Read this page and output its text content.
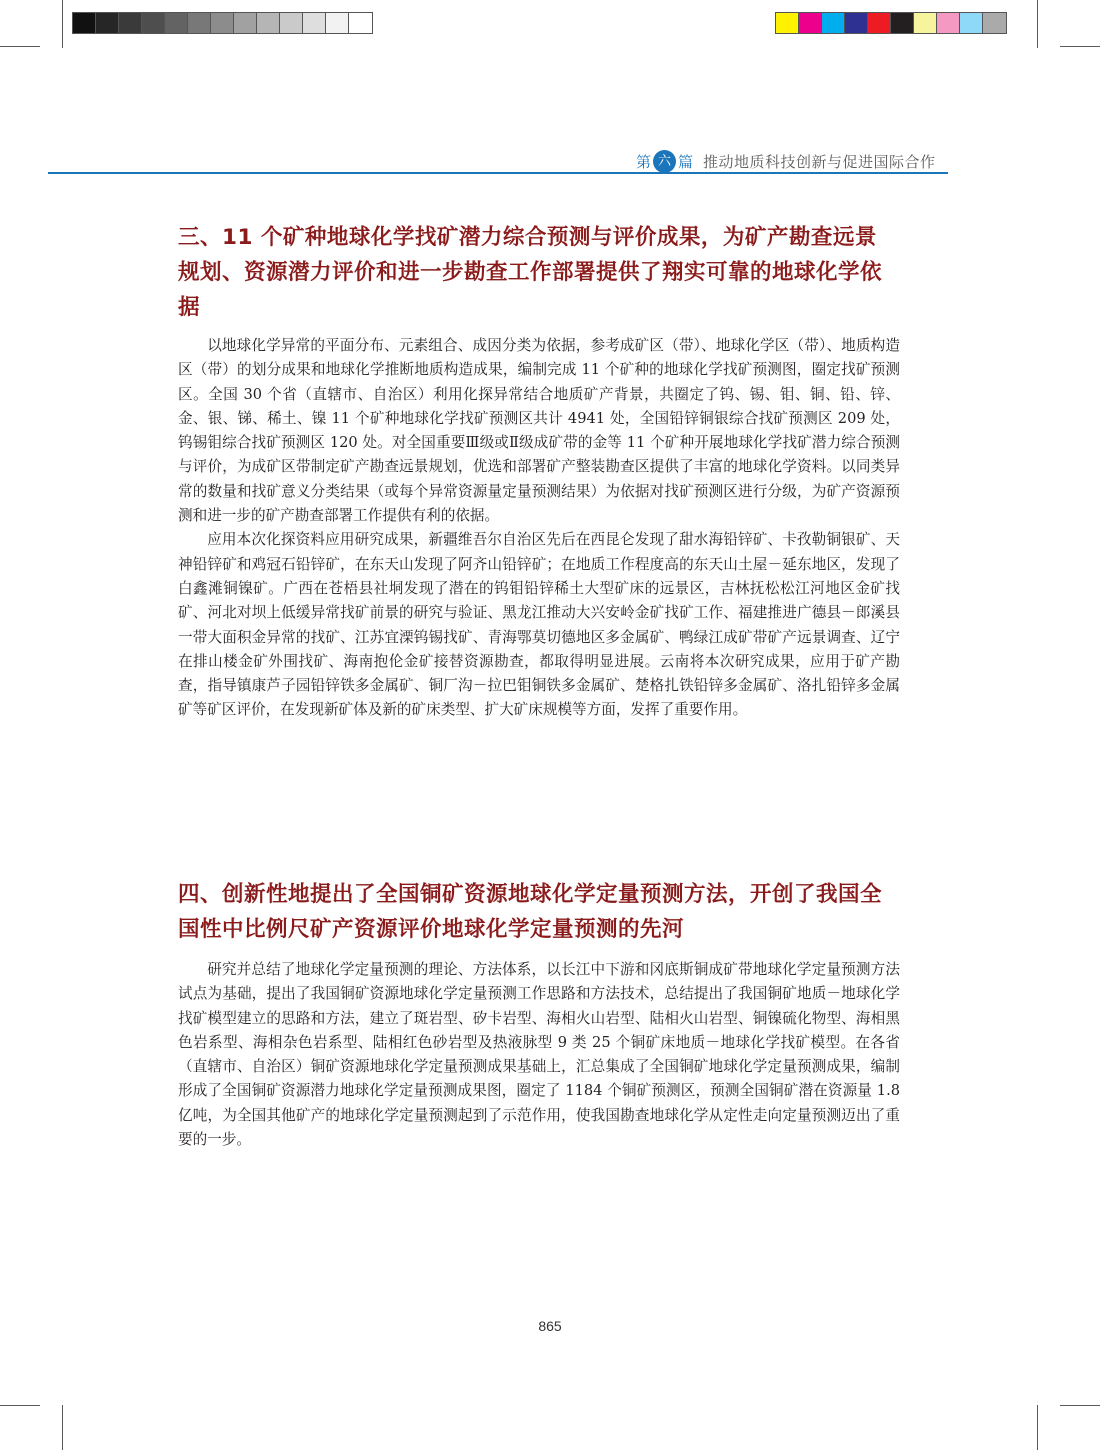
第 六 篇 推动地质科技创新与促进国际合作
三、11 个矿种地球化学找矿潜力综合预测与评价成果，为矿产勘查远景规划、资源潜力评价和进一步勘查工作部署提供了翔实可靠的地球化学依据

以地球化学异常的平面分布、元素组合、成因分类为依据，参考成矿区（带）、地球化学区（带）、地质构造区（带）的划分成果和地球化学推断地质构造成果，编制完成 11 个矿种的地球化学找矿预测图，圈定找矿预测区。全国 30 个省（直辖市、自治区）利用化探异常结合地质矿产背景，共圈定了钨、锡、钼、铜、铅、锌、金、银、锑、稀土、镍 11 个矿种地球化学找矿预测区共计 4941 处，全国铅锌铜银综合找矿预测区 209 处，钨锡钼综合找矿预测区 120 处。对全国重要Ⅲ级或Ⅱ级成矿带的金等 11 个矿种开展地球化学找矿潜力综合预测与评价，为成矿区带制定矿产勘查远景规划，优选和部署矿产整装勘查区提供了丰富的地球化学资料。以同类异常的数量和找矿意义分类结果（或每个异常资源量定量预测结果）为依据对找矿预测区进行分级，为矿产资源预测和进一步的矿产勘查部署工作提供有利的依据。

应用本次化探资料应用研究成果，新疆维吾尔自治区先后在西昆仑发现了甜水海铅锌矿、卡孜勒铜银矿、天神铅锌矿和鸡冠石铅锌矿，在东天山发现了阿齐山铅锌矿；在地质工作程度高的东天山土屋－延东地区，发现了白鑫滩铜镍矿。广西在苍梧县社垌发现了潜在的钨钼铅锌稀土大型矿床的远景区，吉林抚松松江河地区金矿找矿、河北对坝上低缓异常找矿前景的研究与验证、黑龙江推动大兴安岭金矿找矿工作、福建推进广德县－郎溪县一带大面积金异常的找矿、江苏宜溧钨锡找矿、青海鄂莫切德地区多金属矿、鸭绿江成矿带矿产远景调查、辽宁在排山楼金矿外围找矿、海南抱伦金矿接替资源勘查，都取得明显进展。云南将本次研究成果，应用于矿产勘查，指导镇康芦子园铅锌铁多金属矿、铜厂沟－拉巴钼铜铁多金属矿、楚格扎铁铅锌多金属矿、洛扎铅锌多金属矿等矿区评价，在发现新矿体及新的矿床类型、扩大矿床规模等方面，发挥了重要作用。

四、创新性地提出了全国铜矿资源地球化学定量预测方法，开创了我国全国性中比例尺矿产资源评价地球化学定量预测的先河

研究并总结了地球化学定量预测的理论、方法体系，以长江中下游和冈底斯铜成矿带地球化学定量预测方法试点为基础，提出了我国铜矿资源地球化学定量预测工作思路和方法技术，总结提出了我国铜矿地质－地球化学找矿模型建立的思路和方法，建立了斑岩型、矽卡岩型、海相火山岩型、陆相火山岩型、铜镍硫化物型、海相黑色岩系型、海相杂色岩系型、陆相红色砂岩型及热液脉型 9 类 25 个铜矿床地质－地球化学找矿模型。在各省（直辖市、自治区）铜矿资源地球化学定量预测成果基础上，汇总集成了全国铜矿地球化学定量预测成果，编制形成了全国铜矿资源潜力地球化学定量预测成果图，圈定了 1184 个铜矿预测区，预测全国铜矿潜在资源量 1.8 亿吨，为全国其他矿产的地球化学定量预测起到了示范作用，使我国勘查地球化学从定性走向定量预测迈出了重要的一步。

865
